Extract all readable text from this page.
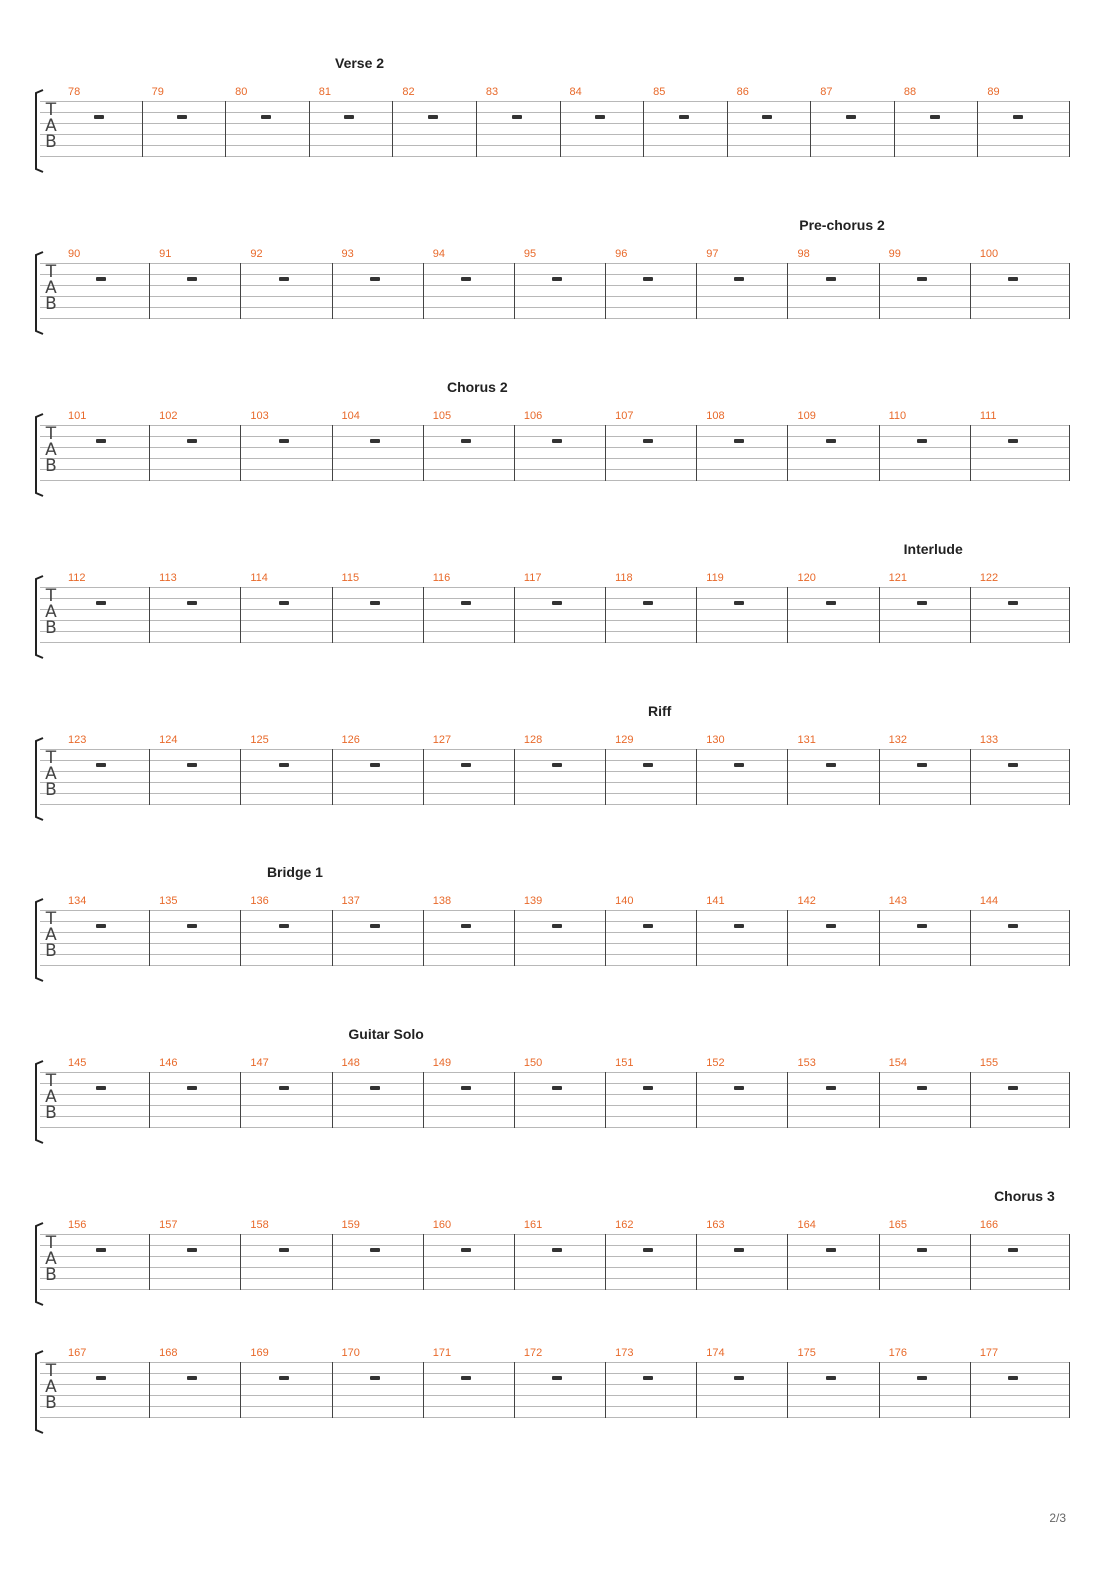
T
A
B
Verse 2
78	79	80	81	82	83	84	85	86	87	88	89
T
A
B
Pre-chorus 2
90	91	92	93	94	95	96	97	98	99	100
T
A
B
Chorus 2
101	102	103	104	105	106	107	108	109	110	111
T
A
B
Interlude
112	113	114	115	116	117	118	119	120	121	122
T
A
B
Riff
123	124	125	126	127	128	129	130	131	132	133
T
A
B
Bridge 1
134	135	136	137	138	139	140	141	142	143	144
T
A
B
Guitar Solo
145	146	147	148	149	150	151	152	153	154	155
T
A
B
Chorus 3
156	157	158	159	160	161	162	163	164	165	166
T
A
B
167	168	169	170	171	172	173	174	175	176	177
2/3
